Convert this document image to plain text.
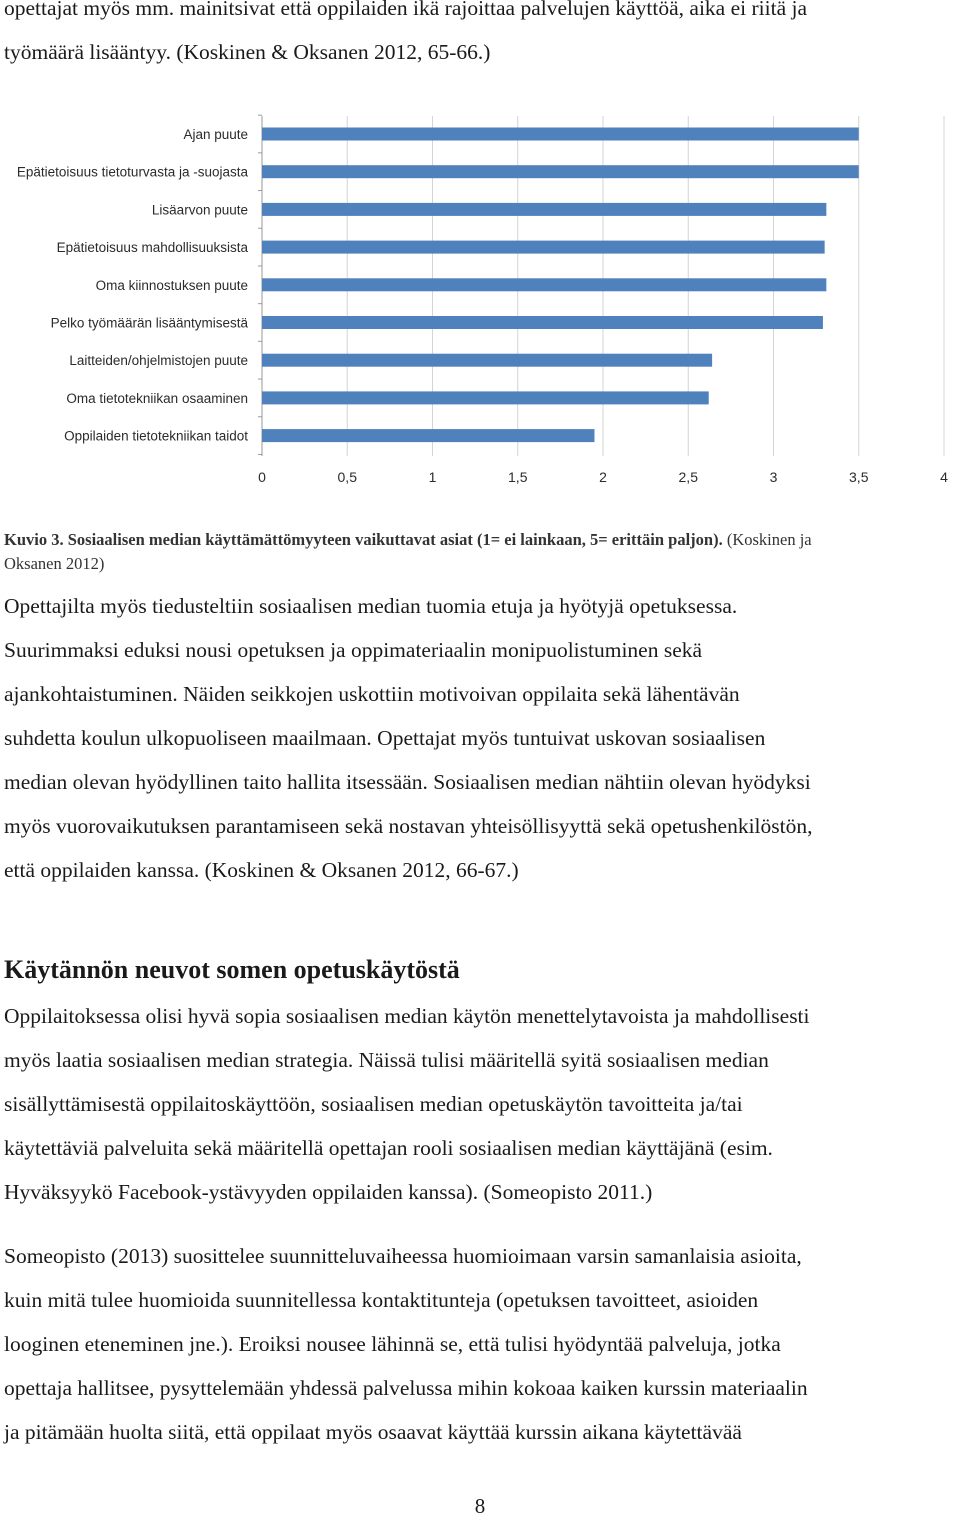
opettajat myös mm. mainitsivat että oppilaiden ikä rajoittaa palvelujen käyttöä, aika ei riitä ja
työmäärä lisääntyy. (Koskinen & Oksanen 2012, 65-66.)
0	0,5	1	1,5	2	2,5	3	3,5	4
Ajan puute
Epätietoisuus tietoturvasta ja -suojasta
Lisäarvon puute
Epätietoisuus mahdollisuuksista
Oma kiinnostuksen puute
Pelko työmäärän lisääntymisestä
Laitteiden/ohjelmistojen puute
Oma tietotekniikan osaaminen
Oppilaiden tietotekniikan taidot
Kuvio 3. Sosiaalisen median käyttämättömyyteen vaikuttavat asiat (1= ei lainkaan, 5= erittäin paljon). (Koskinen ja
Oksanen 2012)
Opettajilta myös tiedusteltiin sosiaalisen median tuomia etuja ja hyötyjä opetuksessa.
Suurimmaksi eduksi nousi opetuksen ja oppimateriaalin monipuolistuminen sekä
ajankohtaistuminen. Näiden seikkojen uskottiin motivoivan oppilaita sekä lähentävän
suhdetta koulun ulkopuoliseen maailmaan. Opettajat myös tuntuivat uskovan sosiaalisen
median olevan hyödyllinen taito hallita itsessään. Sosiaalisen median nähtiin olevan hyödyksi
myös vuorovaikutuksen parantamiseen sekä nostavan yhteisöllisyyttä sekä opetushenkilöstön,
että oppilaiden kanssa. (Koskinen & Oksanen 2012, 66-67.)
Käytännön neuvot somen opetuskäytöstä
Oppilaitoksessa olisi hyvä sopia sosiaalisen median käytön menettelytavoista ja mahdollisesti
myös laatia sosiaalisen median strategia. Näissä tulisi määritellä syitä sosiaalisen median
sisällyttämisestä oppilaitoskäyttöön, sosiaalisen median opetuskäytön tavoitteita ja/tai
käytettäviä palveluita sekä määritellä opettajan rooli sosiaalisen median käyttäjänä (esim.
Hyväksyykö Facebook-ystävyyden oppilaiden kanssa). (Someopisto 2011.)
Someopisto (2013) suosittelee suunnitteluvaiheessa huomioimaan varsin samanlaisia asioita,
kuin mitä tulee huomioida suunnitellessa kontaktitunteja (opetuksen tavoitteet, asioiden
looginen eteneminen jne.). Eroiksi nousee lähinnä se, että tulisi hyödyntää palveluja, jotka
opettaja hallitsee, pysyttelemään yhdessä palvelussa mihin kokoaa kaiken kurssin materiaalin
ja pitämään huolta siitä, että oppilaat myös osaavat käyttää kurssin aikana käytettävää
8
